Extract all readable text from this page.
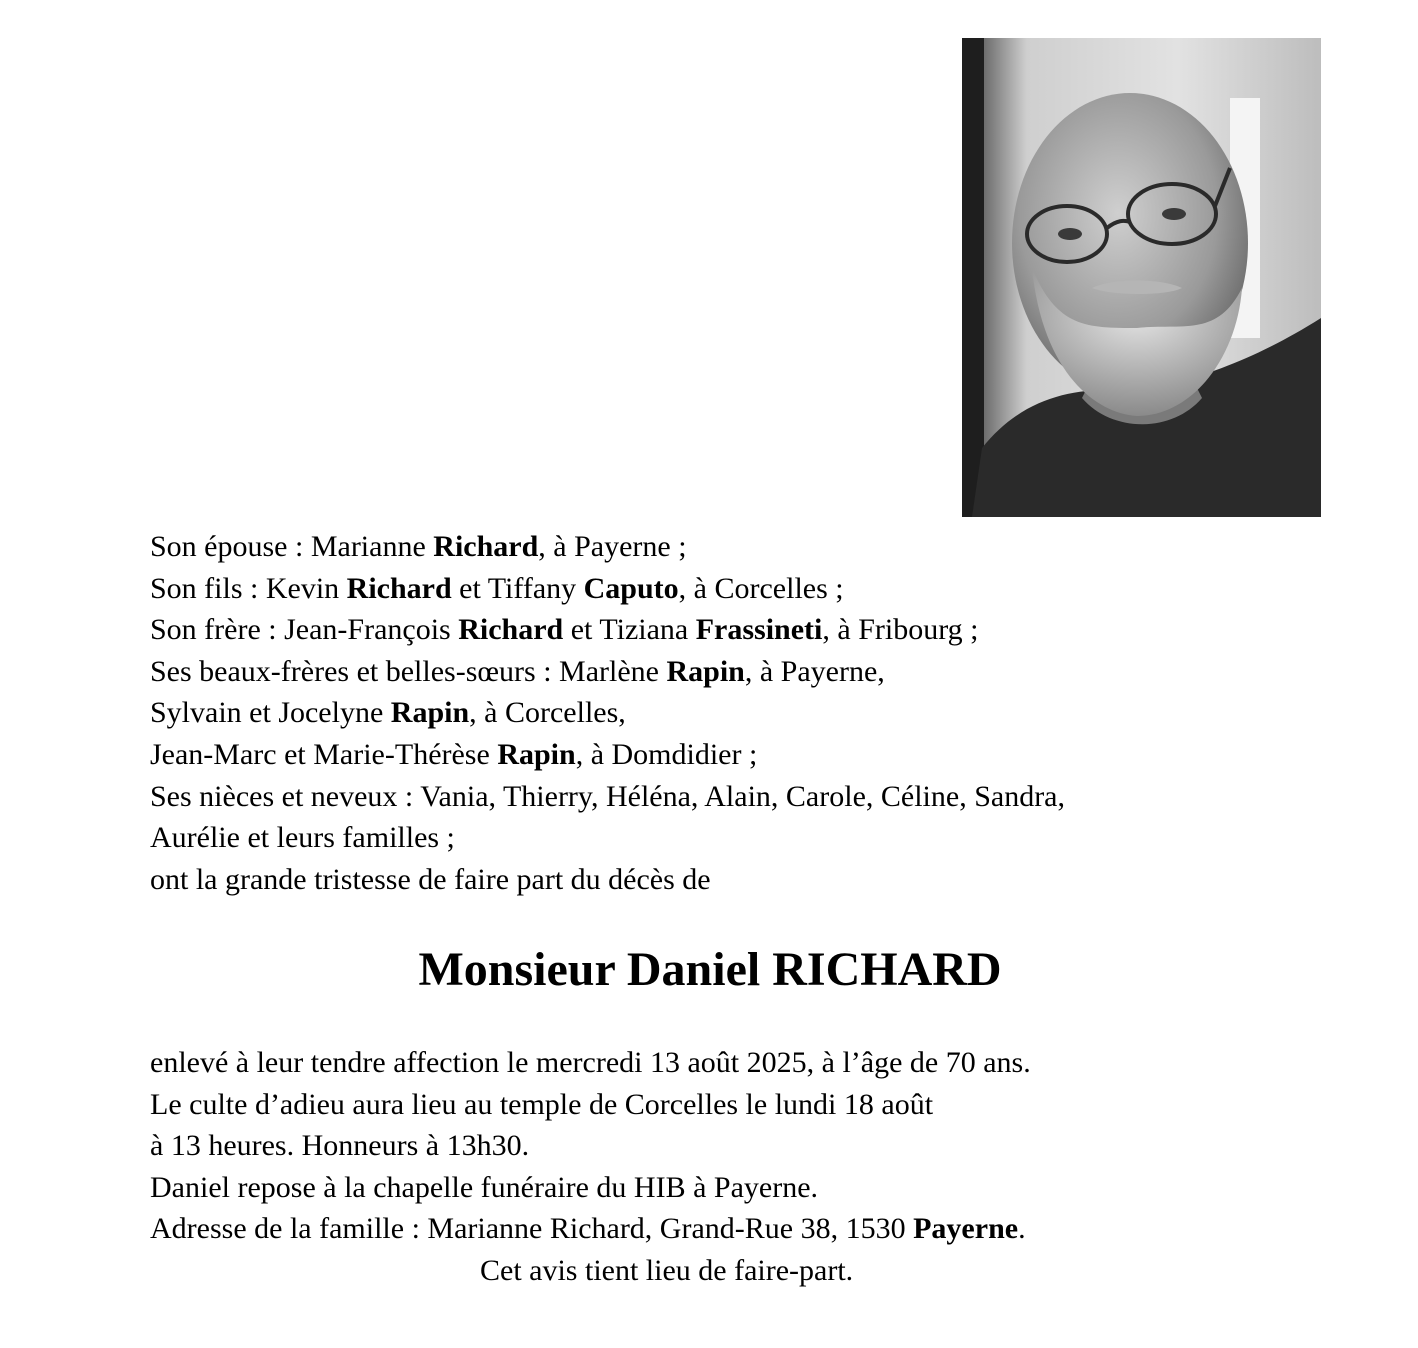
Son épouse : Marianne Richard, à Payerne ;
Son fils : Kevin Richard et Tiffany Caputo, à Corcelles ;
Son frère : Jean-François Richard et Tiziana Frassineti, à Fribourg ;
Ses beaux-frères et belles-sœurs : Marlène Rapin, à Payerne,
Sylvain et Jocelyne Rapin, à Corcelles,
Jean-Marc et Marie-Thérèse Rapin, à Domdidier ;
Ses nièces et neveux : Vania, Thierry, Héléna, Alain, Carole, Céline, Sandra,
Aurélie et leurs familles ;
ont la grande tristesse de faire part du décès de
Monsieur Daniel RICHARD
enlevé à leur tendre affection le mercredi 13 août 2025, à l’âge de 70 ans.
Le culte d’adieu aura lieu au temple de Corcelles le lundi 18 août
à 13 heures. Honneurs à 13h30.
Daniel repose à la chapelle funéraire du HIB à Payerne.
Adresse de la famille : Marianne Richard, Grand-Rue 38, 1530 Payerne.
Cet avis tient lieu de faire-part.
